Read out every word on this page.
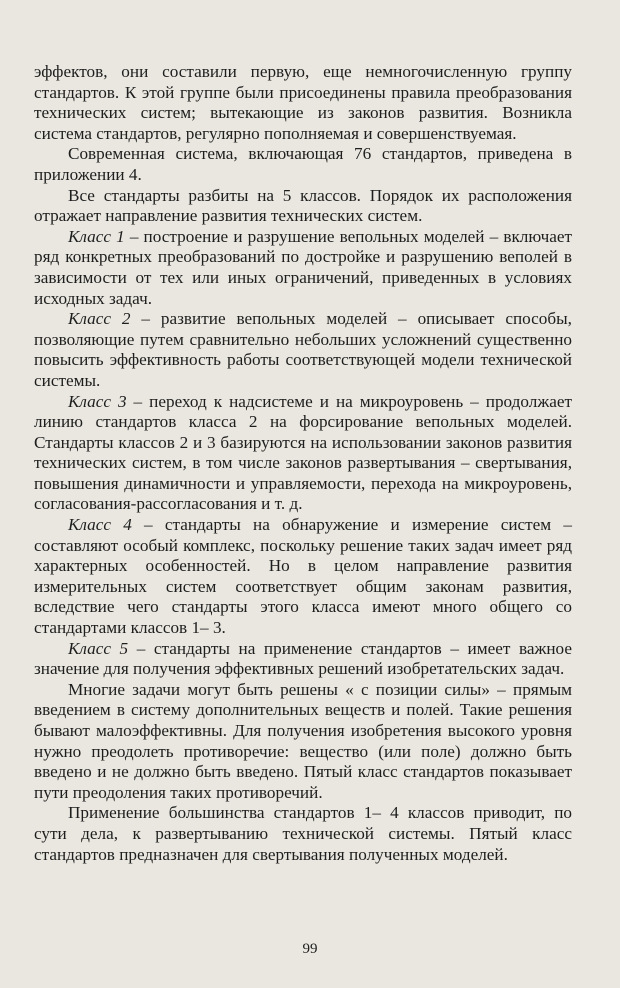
эффектов, они составили первую, еще немногочисленную группу стандартов. К этой группе были присоединены правила преобразования технических систем; вытекающие из законов развития. Возникла система стандартов, регулярно пополняемая и совершенствуемая.

Современная система, включающая 76 стандартов, приведена в приложении 4.

Все стандарты разбиты на 5 классов. Порядок их расположения отражает направление развития технических систем.

Класс 1 – построение и разрушение вепольных моделей – включает ряд конкретных преобразований по достройке и разрушению веполей в зависимости от тех или иных ограничений, приведенных в условиях исходных задач.

Класс 2 – развитие вепольных моделей – описывает способы, позволяющие путем сравнительно небольших усложнений существенно повысить эффективность работы соответствующей модели технической системы.

Класс 3 – переход к надсистеме и на микроуровень – продолжает линию стандартов класса 2 на форсирование вепольных моделей. Стандарты классов 2 и 3 базируются на использовании законов развития технических систем, в том числе законов развертывания – свертывания, повышения динамичности и управляемости, перехода на микроуровень, согласования-рассогласования и т. д.

Класс 4 – стандарты на обнаружение и измерение систем – составляют особый комплекс, поскольку решение таких задач имеет ряд характерных особенностей. Но в целом направление развития измерительных систем соответствует общим законам развития, вследствие чего стандарты этого класса имеют много общего со стандартами классов 1– 3.

Класс 5 – стандарты на применение стандартов – имеет важное значение для получения эффективных решений изобретательских задач.

Многие задачи могут быть решены « с позиции силы» – прямым введением в систему дополнительных веществ и полей. Такие решения бывают малоэффективны. Для получения изобретения высокого уровня нужно преодолеть противоречие: вещество (или поле) должно быть введено и не должно быть введено. Пятый класс стандартов показывает пути преодоления таких противоречий.

Применение большинства стандартов 1– 4 классов приводит, по сути дела, к развертыванию технической системы. Пятый класс стандартов предназначен для свертывания полученных моделей.

99
